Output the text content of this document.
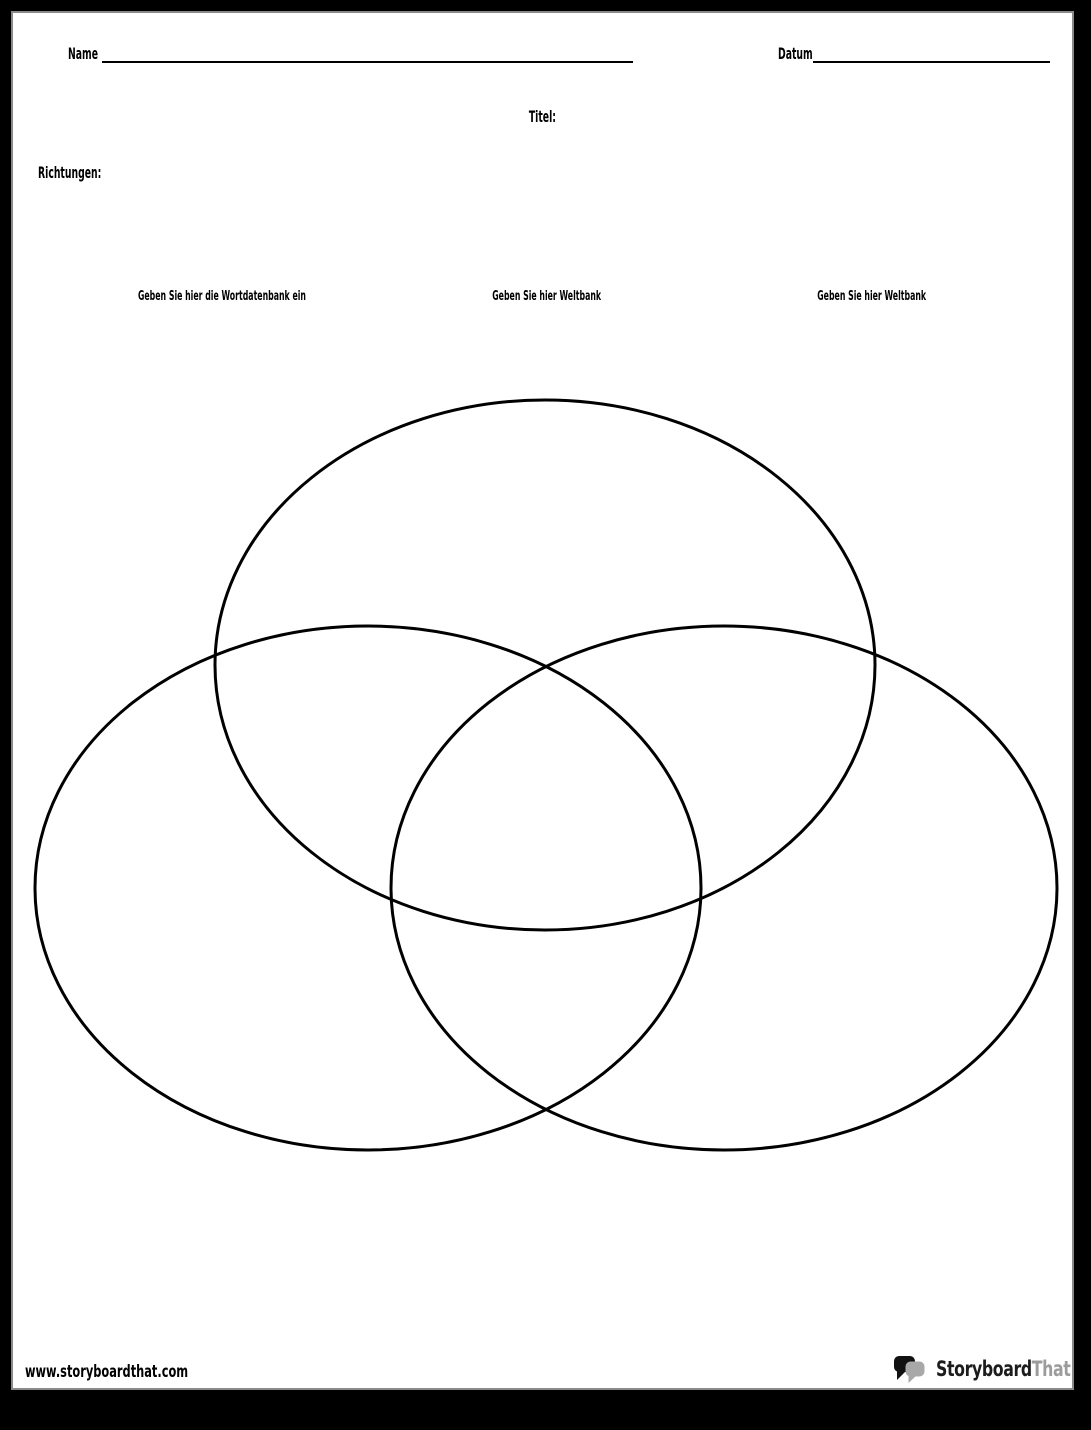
Name	Datum
Titel:
Richtungen:
Geben Sie hier die Wortdatenbank ein	Geben Sie hier Weltbank	Geben Sie hier Weltbank
www.storyboardthat.com	StoryboardThat
